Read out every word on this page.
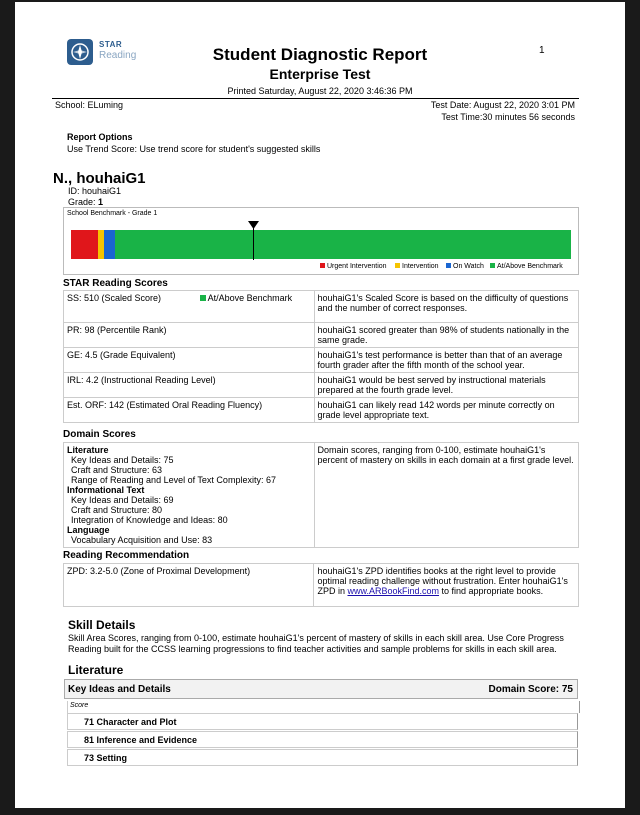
STAR
Reading	1
Student Diagnostic Report
Enterprise Test
Printed Saturday, August 22, 2020 3:46:36 PM
School: ELuming	Test Date: August 22, 2020 3:01 PM
Test Time:30 minutes 56 seconds
Report Options
Use Trend Score: Use trend score for student's suggested skills
N., houhaiG1
ID: houhaiG1
Grade: 1
School Benchmark - Grade 1
Urgent Intervention	Intervention	On Watch	At/Above Benchmark
STAR Reading Scores
SS: 510 (Scaled Score) At/Above Benchmark	houhaiG1's Scaled Score is based on the difficulty of questions and the number of correct responses.
PR: 98 (Percentile Rank)	houhaiG1 scored greater than 98% of students nationally in the same grade.
GE: 4.5 (Grade Equivalent)	houhaiG1's test performance is better than that of an average fourth grader after the fifth month of the school year.
IRL: 4.2 (Instructional Reading Level)	houhaiG1 would be best served by instructional materials prepared at the fourth grade level.
Est. ORF: 142 (Estimated Oral Reading Fluency)	houhaiG1 can likely read 142 words per minute correctly on grade level appropriate text.
Domain Scores
Literature
Key Ideas and Details: 75
Craft and Structure: 63
Range of Reading and Level of Text Complexity: 67
Informational Text
Key Ideas and Details: 69
Craft and Structure: 80
Integration of Knowledge and Ideas: 80
Language
Vocabulary Acquisition and Use: 83
	Domain scores, ranging from 0-100, estimate houhaiG1's percent of mastery on skills in each domain at a first grade level.
Reading Recommendation
ZPD: 3.2-5.0 (Zone of Proximal Development)	houhaiG1's ZPD identifies books at the right level to provide optimal reading challenge without frustration. Enter houhaiG1's ZPD in www.ARBookFind.com to find appropriate books.
Skill Details
Skill Area Scores, ranging from 0-100, estimate houhaiG1's percent of mastery of skills in each skill area. Use Core Progress Reading built for the CCSS learning progressions to find teacher activities and sample problems for skills in each skill area.
Literature
Key Ideas and Details	Domain Score: 75
Score
71 Character and Plot
81 Inference and Evidence
73 Setting
